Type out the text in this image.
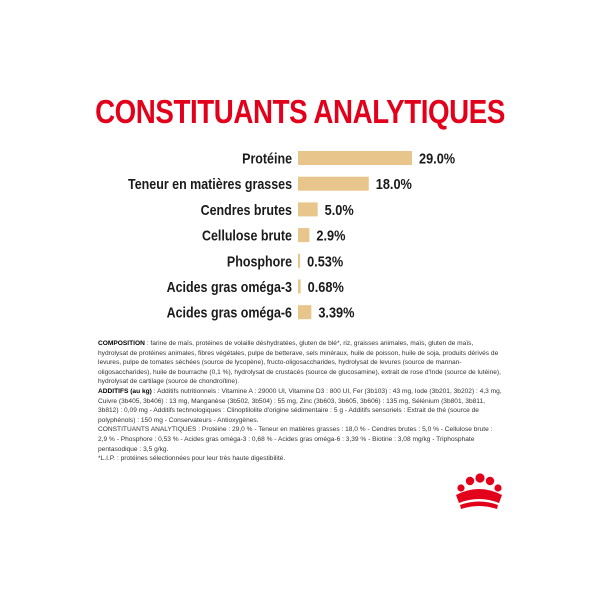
CONSTITUANTS ANALYTIQUES
Protéine	29.0%
Teneur en matières grasses	18.0%
Cendres brutes 5.0%
Cellulose brute 2.9%
Phosphore 0.53%
Acides gras oméga-3 0.68%
Acides gras oméga-6 3.39%

COMPOSITION : farine de maïs, protéines de volaille déshydratées, gluten de blé*, riz, graisses animales, maïs, gluten de maïs, hydrolysat de protéines animales, fibres végétales, pulpe de betterave, sels minéraux, huile de poisson, huile de soja, produits dérivés de levures, pulpe de tomates séchées (source de lycopène), fructo-oligosaccharides, hydrolysat de levures (source de mannan-oligosaccharides), huile de bourrache (0,1 %), hydrolysat de crustacés (source de glucosamine), extrait de rose d'Inde (source de lutéine), hydrolysat de cartilage (source de chondroïtine).

ADDITIFS (au kg) : Additifs nutritionnels : Vitamine A : 29000 UI, Vitamine D3 : 800 UI, Fer (3b103) : 43 mg, Iode (3b201, 3b202) : 4,3 mg, Cuivre (3b405, 3b406) : 13 mg, Manganèse (3b502, 3b504) : 55 mg, Zinc (3b603, 3b605, 3b606) : 135 mg, Sélénium (3b801, 3b811, 3b812) : 0,09 mg - Additifs technologiques : Clinoptilolite d'origine sédimentaire : 5 g - Additifs sensoriels : Extrait de thé (source de polyphénols) : 150 mg - Conservateurs - Antioxygènes.

CONSTITUANTS ANALYTIQUES : Protéine : 29,0 % - Teneur en matières grasses : 18,0 % - Cendres brutes : 5,0 % - Cellulose brute : 2,9 % - Phosphore : 0,53 % - Acides gras oméga-3 : 0,68 % - Acides gras oméga-6 : 3,39 % - Biotine : 3,08 mg/kg - Triphosphate pentasodique : 3,5 g/kg.

*L.I.P. : protéines sélectionnées pour leur très haute digestibilité.
